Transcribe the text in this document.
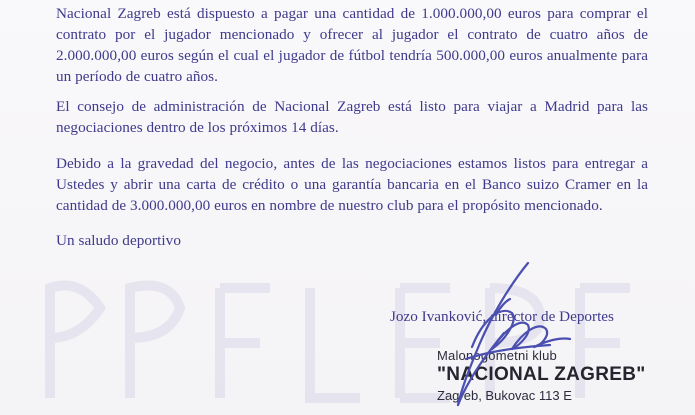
Nacional Zagreb está dispuesto a pagar una cantidad de 1.000.000,00 euros para comprar el contrato por el jugador mencionado y ofrecer al jugador el contrato de cuatro años de 2.000.000,00 euros según el cual el jugador de fútbol tendría 500.000,00 euros anualmente para un período de cuatro años.

El consejo de administración de Nacional Zagreb está listo para viajar a Madrid para las negociaciones dentro de los próximos 14 días.

Debido a la gravedad del negocio, antes de las negociaciones estamos listos para entregar a Ustedes y abrir una carta de crédito o una garantía bancaria en el Banco suizo Cramer en la cantidad de 3.000.000,00 euros en nombre de nuestro club para el propósito mencionado.

Un saludo deportivo

Jozo Ivanković, director de Deportes
Malonogometni klub
"NACIONAL ZAGREB"
Zagreb, Bukovac 113 E
